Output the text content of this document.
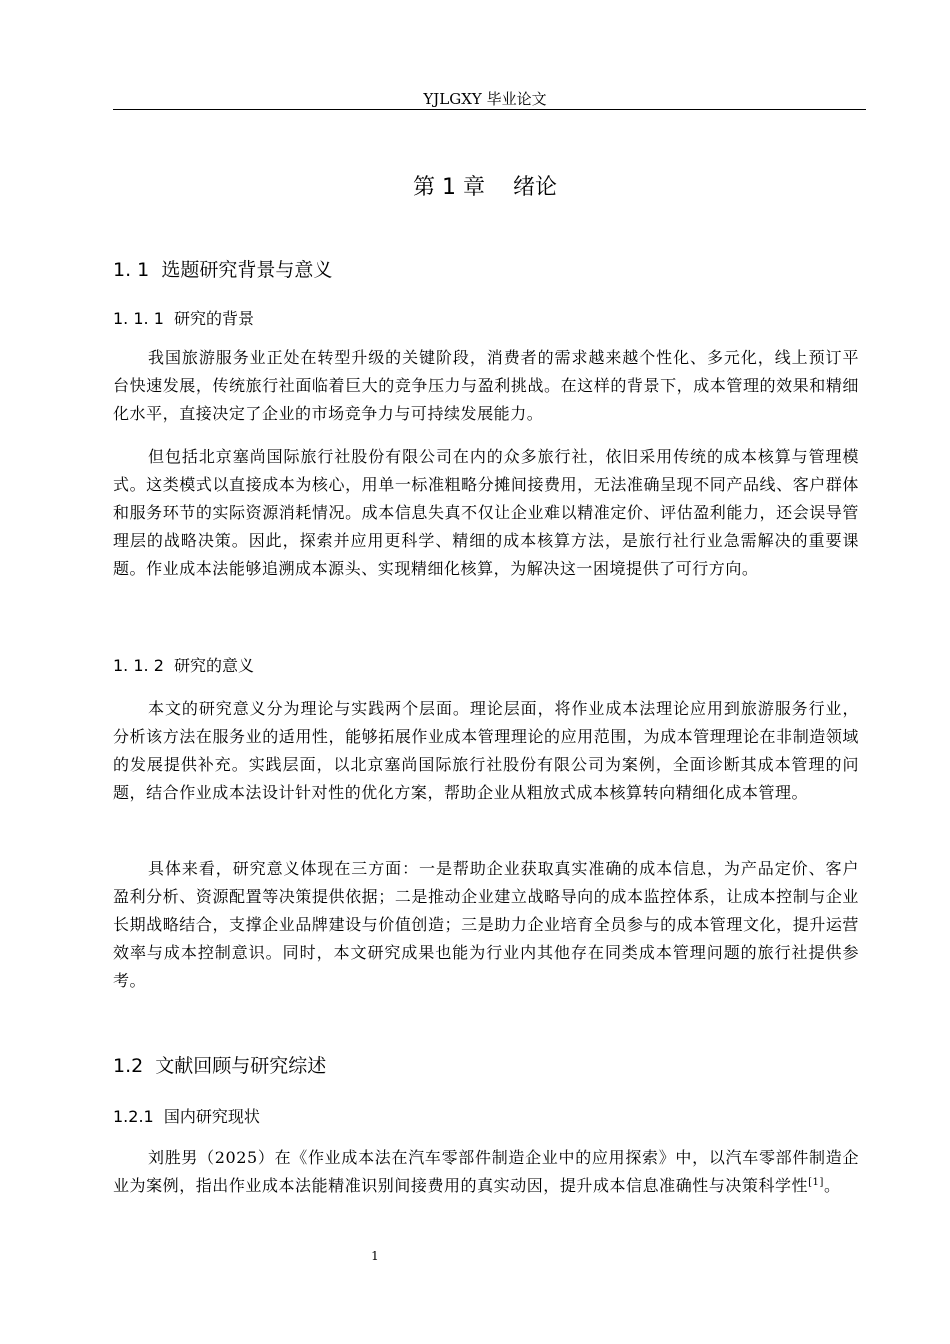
YJLGXY 毕业论文
第 1 章    绪论
1. 1  选题研究背景与意义
1. 1. 1  研究的背景
我国旅游服务业正处在转型升级的关键阶段，消费者的需求越来越个性化、多元化，线上预订平台快速发展，传统旅行社面临着巨大的竞争压力与盈利挑战。在这样的背景下，成本管理的效果和精细化水平，直接决定了企业的市场竞争力与可持续发展能力。
但包括北京塞尚国际旅行社股份有限公司在内的众多旅行社，依旧采用传统的成本核算与管理模式。这类模式以直接成本为核心，用单一标准粗略分摊间接费用，无法准确呈现不同产品线、客户群体和服务环节的实际资源消耗情况。成本信息失真不仅让企业难以精准定价、评估盈利能力，还会误导管理层的战略决策。因此，探索并应用更科学、精细的成本核算方法，是旅行社行业急需解决的重要课题。作业成本法能够追溯成本源头、实现精细化核算，为解决这一困境提供了可行方向。
1. 1. 2  研究的意义
本文的研究意义分为理论与实践两个层面。理论层面，将作业成本法理论应用到旅游服务行业，分析该方法在服务业的适用性，能够拓展作业成本管理理论的应用范围，为成本管理理论在非制造领域的发展提供补充。实践层面，以北京塞尚国际旅行社股份有限公司为案例，全面诊断其成本管理的问题，结合作业成本法设计针对性的优化方案，帮助企业从粗放式成本核算转向精细化成本管理。
具体来看，研究意义体现在三方面：一是帮助企业获取真实准确的成本信息，为产品定价、客户盈利分析、资源配置等决策提供依据；二是推动企业建立战略导向的成本监控体系，让成本控制与企业长期战略结合，支撑企业品牌建设与价值创造；三是助力企业培育全员参与的成本管理文化，提升运营效率与成本控制意识。同时，本文研究成果也能为行业内其他存在同类成本管理问题的旅行社提供参考。
1.2  文献回顾与研究综述
1.2.1  国内研究现状
刘胜男（2025）在《作业成本法在汽车零部件制造企业中的应用探索》中，以汽车零部件制造企业为案例，指出作业成本法能精准识别间接费用的真实动因，提升成本信息准确性与决策科学性[1]。
1
